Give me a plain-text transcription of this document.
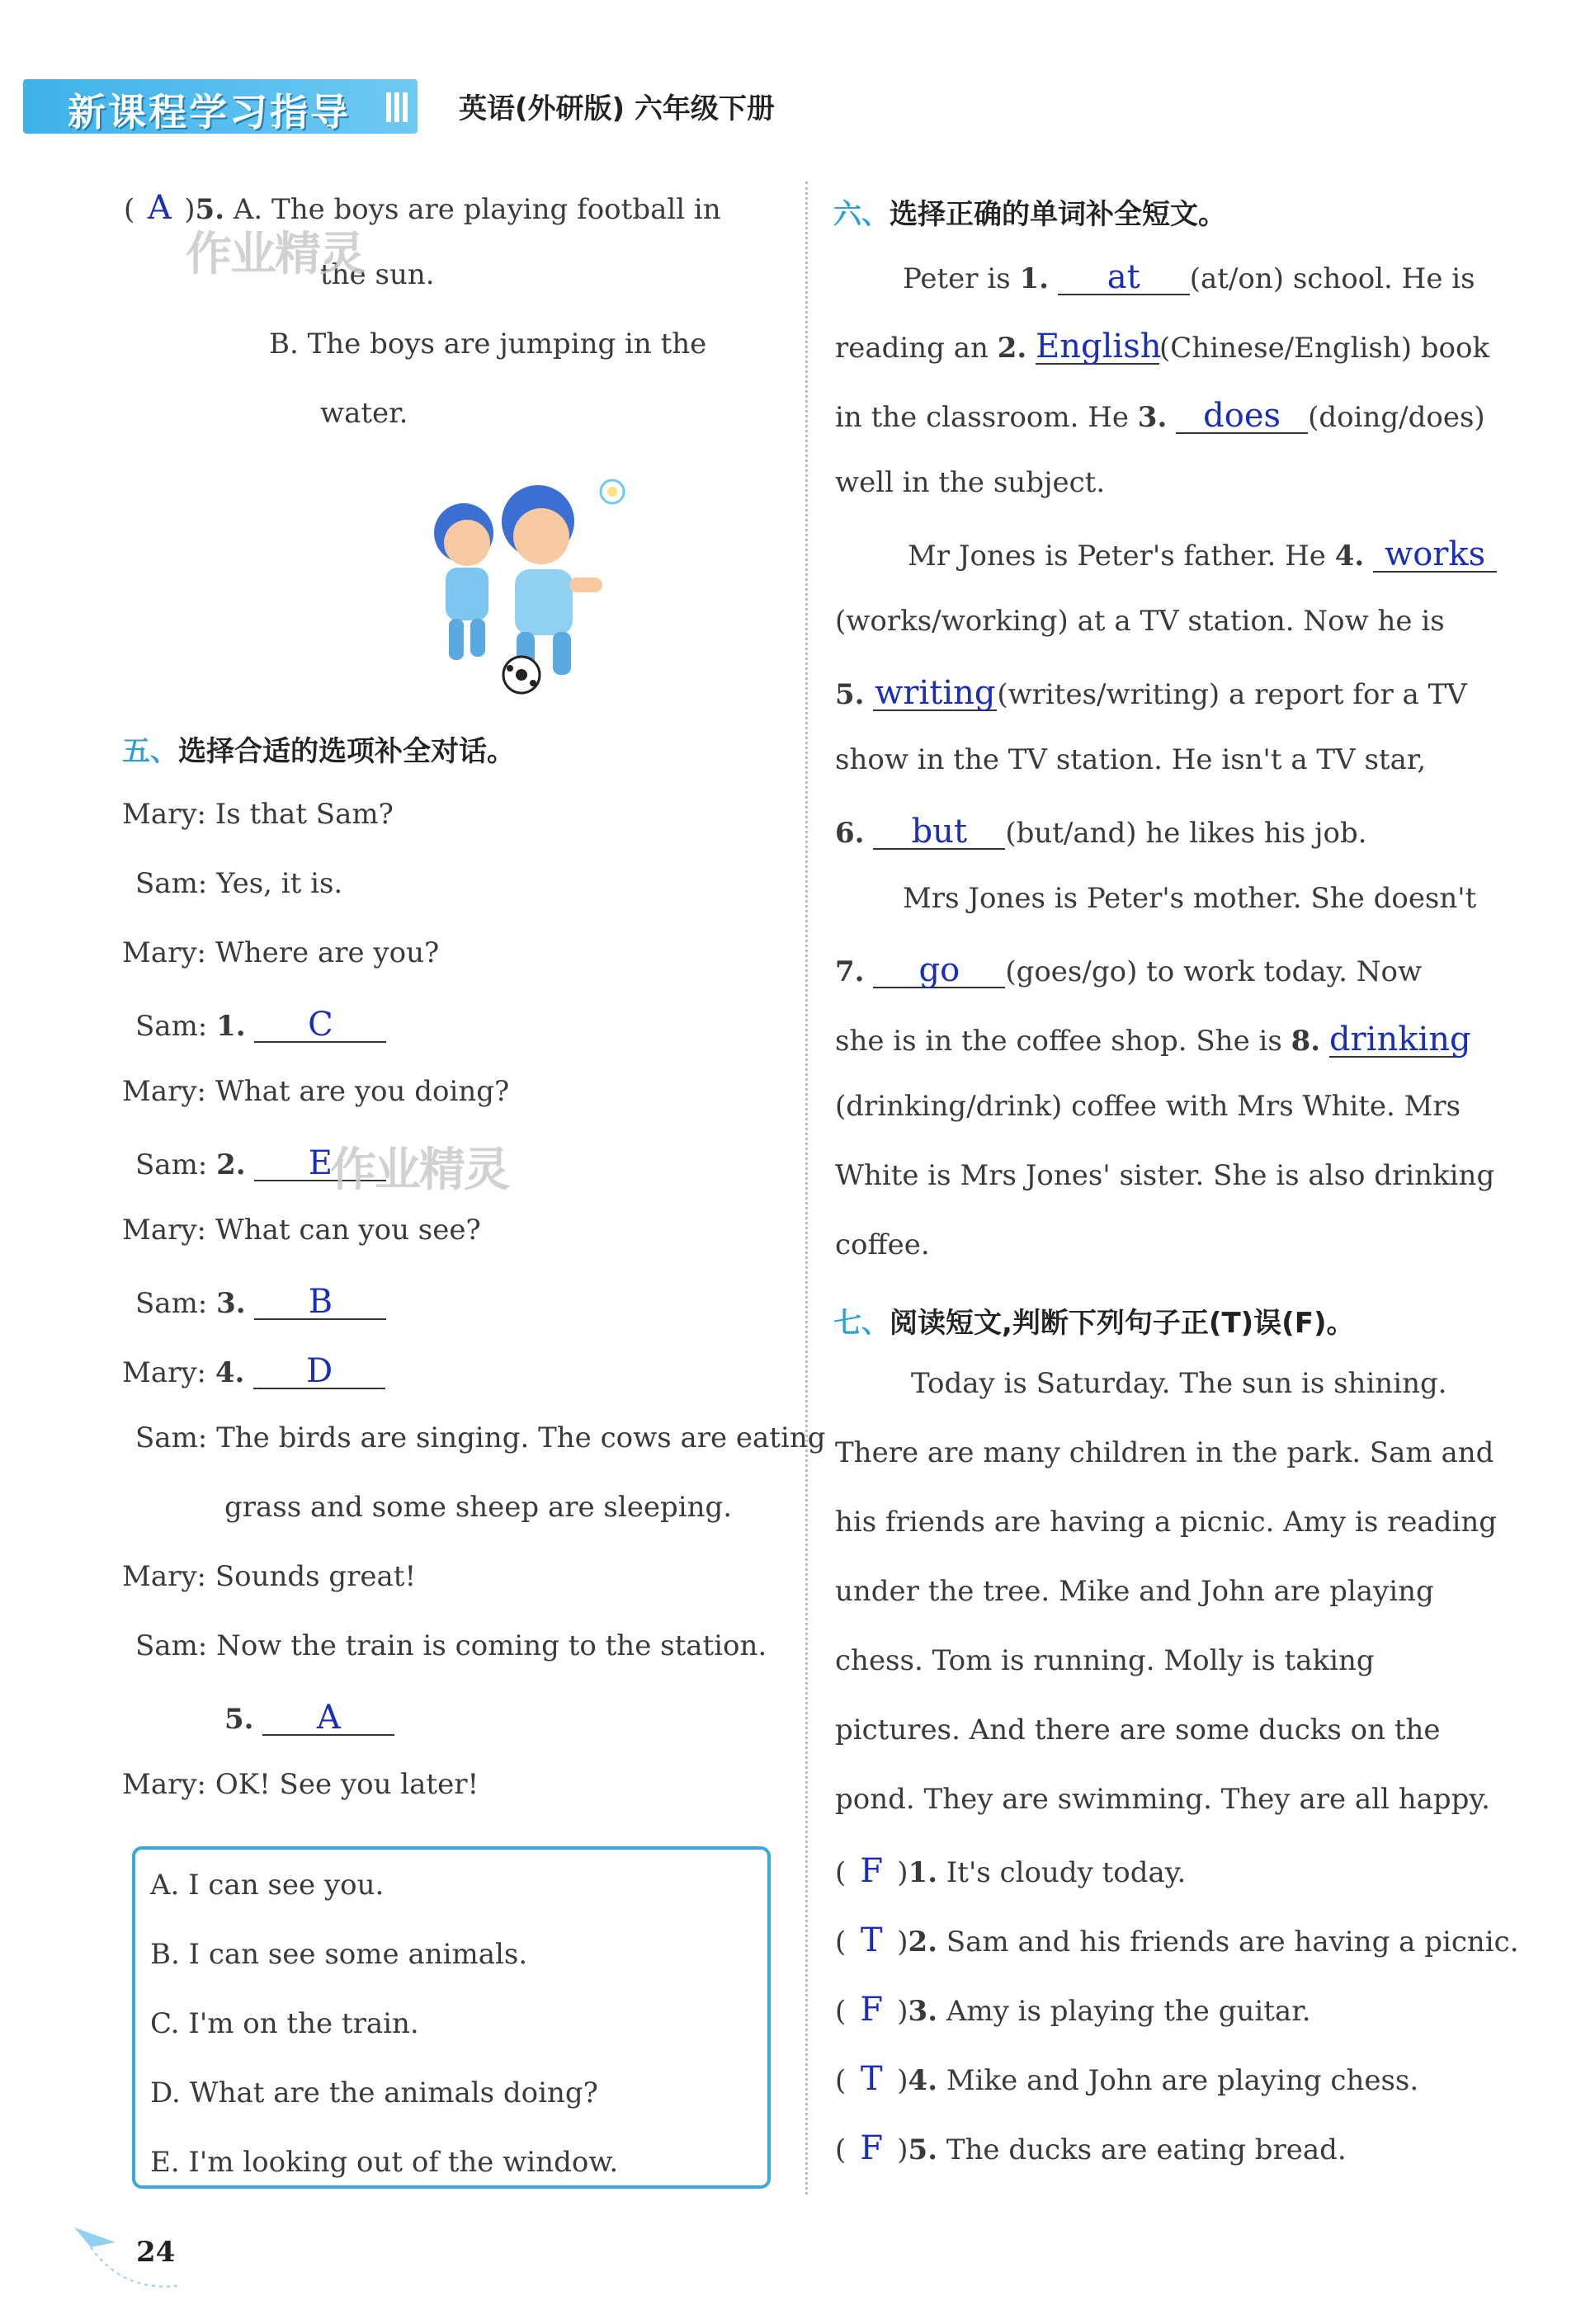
新课程学习指导	英语(外研版) 六年级下册
( A )5. A. The boys are playing football in
the sun.
B. The boys are jumping in the
water.
作业精灵
五、选择合适的选项补全对话。
Mary: Is that Sam?
Sam: Yes, it is.
Mary: Where are you?
Sam: 1. C
Mary: What are you doing?
Sam: 2. E
作业精灵
Mary: What can you see?
Sam: 3. B
Mary: 4. D
Sam: The birds are singing. The cows are eating
grass and some sheep are sleeping.
Mary: Sounds great!
Sam: Now the train is coming to the station.
5. A
Mary: OK! See you later!
A. I can see you.
B. I can see some animals.
C. I'm on the train.
D. What are the animals doing?
E. I'm looking out of the window.
24
六、选择正确的单词补全短文。
Peter is 1. at (at/on) school. He is
reading an 2. English(Chinese/English) book
in the classroom. He 3. does (doing/does)
well in the subject.
Mr Jones is Peter's father. He 4. works
(works/working) at a TV station. Now he is
5. writing(writes/writing) a report for a TV
show in the TV station. He isn't a TV star,
6. but (but/and) he likes his job.
Mrs Jones is Peter's mother. She doesn't
7. go (goes/go) to work today. Now
she is in the coffee shop. She is 8. drinking
(drinking/drink) coffee with Mrs White. Mrs
White is Mrs Jones' sister. She is also drinking
coffee.
七、阅读短文,判断下列句子正(T)误(F)。
Today is Saturday. The sun is shining.
There are many children in the park. Sam and
his friends are having a picnic. Amy is reading
under the tree. Mike and John are playing
chess. Tom is running. Molly is taking
pictures. And there are some ducks on the
pond. They are swimming. They are all happy.
( F )1. It's cloudy today.
( T )2. Sam and his friends are having a picnic.
( F )3. Amy is playing the guitar.
( T )4. Mike and John are playing chess.
( F )5. The ducks are eating bread.
